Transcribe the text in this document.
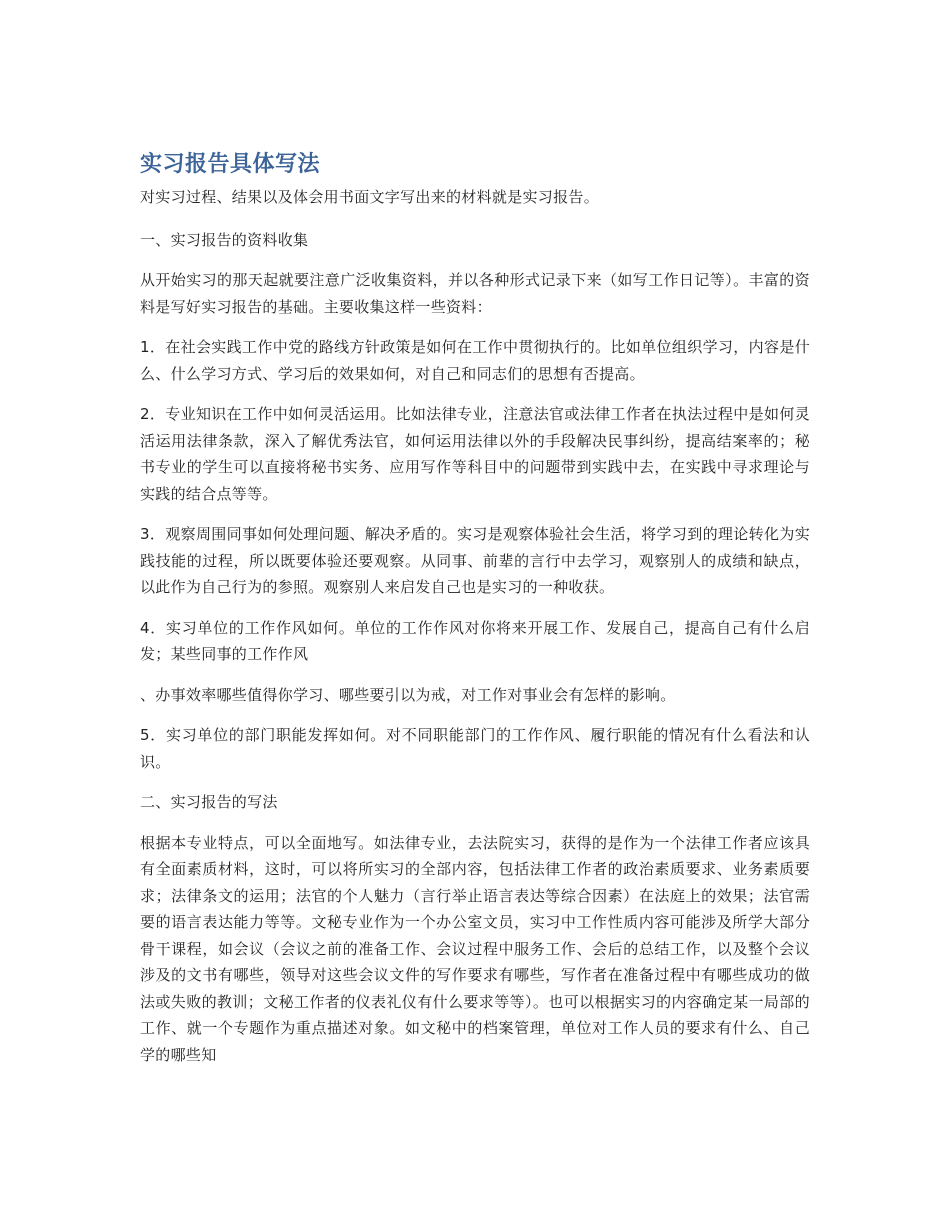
实习报告具体写法

对实习过程、结果以及体会用书面文字写出来的材料就是实习报告。

一、实习报告的资料收集

从开始实习的那天起就要注意广泛收集资料，并以各种形式记录下来（如写工作日记等）。丰富的资料是写好实习报告的基础。主要收集这样一些资料：

1．在社会实践工作中党的路线方针政策是如何在工作中贯彻执行的。比如单位组织学习，内容是什么、什么学习方式、学习后的效果如何，对自己和同志们的思想有否提高。

2．专业知识在工作中如何灵活运用。比如法律专业，注意法官或法律工作者在执法过程中是如何灵活运用法律条款，深入了解优秀法官，如何运用法律以外的手段解决民事纠纷，提高结案率的；秘书专业的学生可以直接将秘书实务、应用写作等科目中的问题带到实践中去，在实践中寻求理论与实践的结合点等等。

3．观察周围同事如何处理问题、解决矛盾的。实习是观察体验社会生活，将学习到的理论转化为实践技能的过程，所以既要体验还要观察。从同事、前辈的言行中去学习，观察别人的成绩和缺点，以此作为自己行为的参照。观察别人来启发自己也是实习的一种收获。

4．实习单位的工作作风如何。单位的工作作风对你将来开展工作、发展自己，提高自己有什么启发；某些同事的工作作风

、办事效率哪些值得你学习、哪些要引以为戒，对工作对事业会有怎样的影响。

5．实习单位的部门职能发挥如何。对不同职能部门的工作作风、履行职能的情况有什么看法和认识。

二、实习报告的写法

根据本专业特点，可以全面地写。如法律专业，去法院实习，获得的是作为一个法律工作者应该具有全面素质材料，这时，可以将所实习的全部内容，包括法律工作者的政治素质要求、业务素质要求；法律条文的运用；法官的个人魅力（言行举止语言表达等综合因素）在法庭上的效果；法官需要的语言表达能力等等。文秘专业作为一个办公室文员，实习中工作性质内容可能涉及所学大部分骨干课程，如会议（会议之前的准备工作、会议过程中服务工作、会后的总结工作，以及整个会议涉及的文书有哪些，领导对这些会议文件的写作要求有哪些，写作者在准备过程中有哪些成功的做法或失败的教训；文秘工作者的仪表礼仪有什么要求等等）。也可以根据实习的内容确定某一局部的工作、就一个专题作为重点描述对象。如文秘中的档案管理，单位对工作人员的要求有什么、自己学的哪些知
